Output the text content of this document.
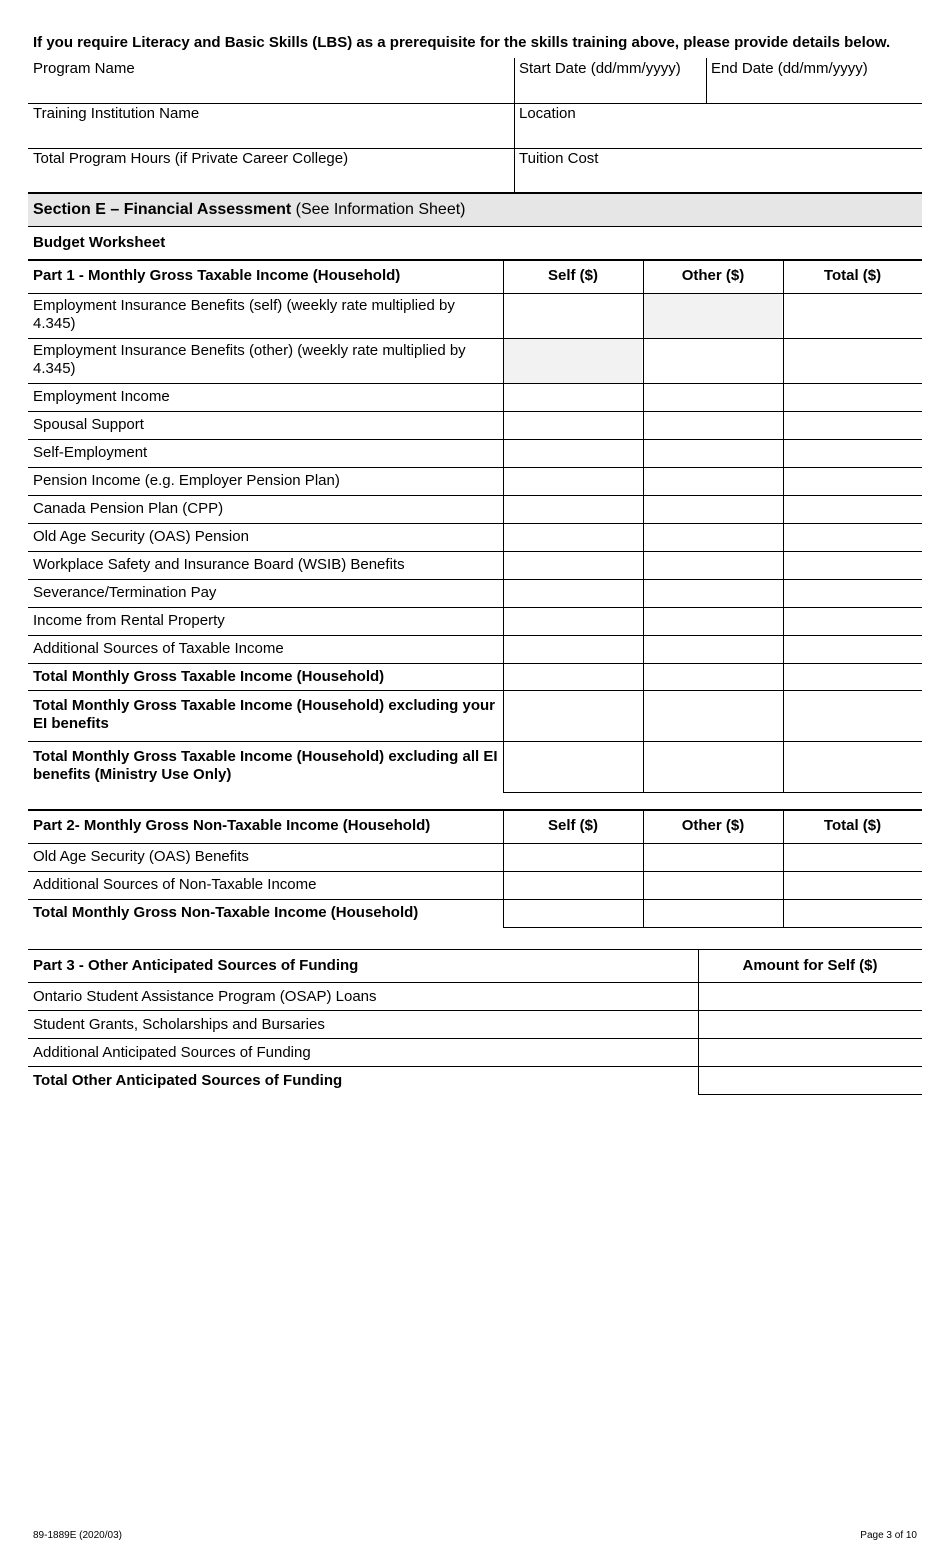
If you require Literacy and Basic Skills (LBS) as a prerequisite for the skills training above, please provide details below.
Program Name	Start Date (dd/mm/yyyy) End Date (dd/mm/yyyy)
Training Institution Name	Location
Total Program Hours (if Private Career College)	Tuition Cost
Section E – Financial Assessment (See Information Sheet)
Budget Worksheet
Part 1 - Monthly Gross Taxable Income (Household)	Self ($)	Other ($)	Total ($)
Employment Insurance Benefits (self) (weekly rate multiplied by 4.345)
Employment Insurance Benefits (other) (weekly rate multiplied by 4.345)
Employment Income
Spousal Support
Self-Employment
Pension Income (e.g. Employer Pension Plan)
Canada Pension Plan (CPP)
Old Age Security (OAS) Pension
Workplace Safety and Insurance Board (WSIB) Benefits
Severance/Termination Pay
Income from Rental Property
Additional Sources of Taxable Income
Total Monthly Gross Taxable Income (Household)
Total Monthly Gross Taxable Income (Household) excluding your EI benefits
Total Monthly Gross Taxable Income (Household) excluding all EI benefits (Ministry Use Only)
Part 2- Monthly Gross Non-Taxable Income (Household)	Self ($)	Other ($)	Total ($)
Old Age Security (OAS) Benefits
Additional Sources of Non-Taxable Income
Total Monthly Gross Non-Taxable Income (Household)
Part 3 - Other Anticipated Sources of Funding	Amount for Self ($)
Ontario Student Assistance Program (OSAP) Loans
Student Grants, Scholarships and Bursaries
Additional Anticipated Sources of Funding
Total Other Anticipated Sources of Funding
89-1889E (2020/03)	Page 3 of 10
